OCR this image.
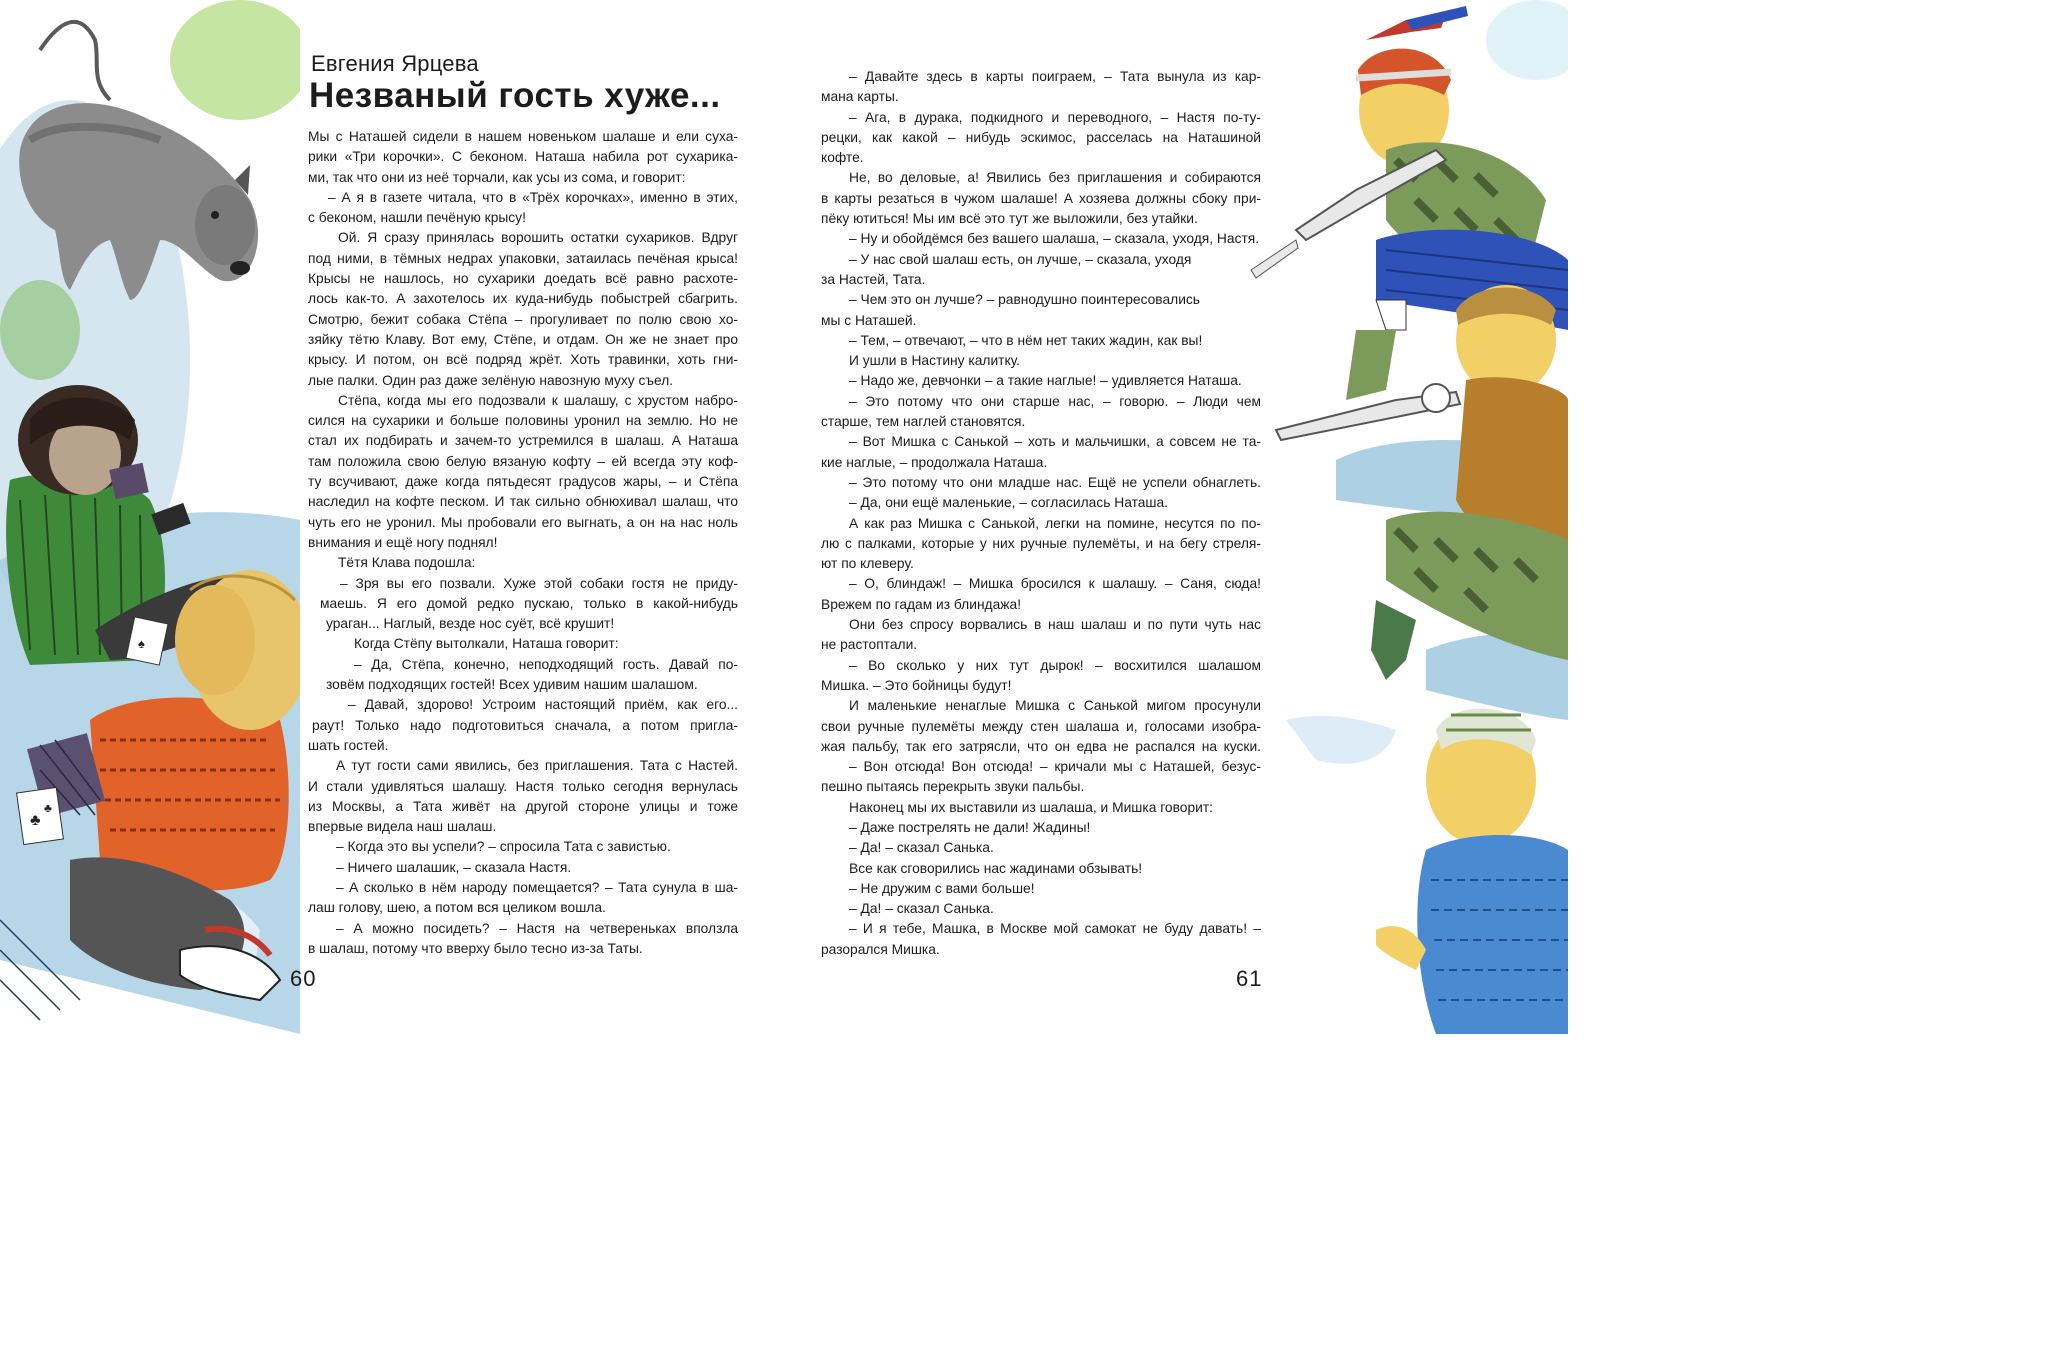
♣
♣
♠
Евгения Ярцева
Незваный гость хуже...
Мы с Наташей сидели в нашем новеньком шалаше и ели суха-
рики «Три корочки». С беконом. Наташа набила рот сухарика-
ми, так что они из неё торчали, как усы из сома, и говорит:
– А я в газете читала, что в «Трёх корочках», именно в этих,
с беконом, нашли печёную крысу!
Ой. Я сразу принялась ворошить остатки сухариков. Вдруг
под ними, в тёмных недрах упаковки, затаилась печёная крыса!
Крысы не нашлось, но сухарики доедать всё равно расхоте-
лось как-то. А захотелось их куда-нибудь побыстрей сбагрить.
Смотрю, бежит собака Стёпа – прогуливает по полю свою хо-
зяйку тётю Клаву. Вот ему, Стёпе, и отдам. Он же не знает про
крысу. И потом, он всё подряд жрёт. Хоть травинки, хоть гни-
лые палки. Один раз даже зелёную навозную муху съел.
Стёпа, когда мы его подозвали к шалашу, с хрустом набро-
сился на сухарики и больше половины уронил на землю. Но не
стал их подбирать и зачем-то устремился в шалаш. А Наташа
там положила свою белую вязаную кофту – ей всегда эту коф-
ту всучивают, даже когда пятьдесят градусов жары, – и Стёпа
наследил на кофте песком. И так сильно обнюхивал шалаш, что
чуть его не уронил. Мы пробовали его выгнать, а он на нас ноль
внимания и ещё ногу поднял!
Тётя Клава подошла:
– Зря вы его позвали. Хуже этой собаки гостя не приду-
маешь. Я его домой редко пускаю, только в какой-нибудь
ураган... Наглый, везде нос суёт, всё крушит!
Когда Стёпу вытолкали, Наташа говорит:
– Да, Стёпа, конечно, неподходящий гость. Давай по-
зовём подходящих гостей! Всех удивим нашим шалашом.
– Давай, здорово! Устроим настоящий приём, как его...
раут! Только надо подготовиться сначала, а потом пригла-
шать гостей.
А тут гости сами явились, без приглашения. Тата с Настей.
И стали удивляться шалашу. Настя только сегодня вернулась
из Москвы, а Тата живёт на другой стороне улицы и тоже
впервые видела наш шалаш.
– Когда это вы успели? – спросила Тата с завистью.
– Ничего шалашик, – сказала Настя.
– А сколько в нём народу помещается? – Тата сунула в ша-
лаш голову, шею, а потом вся целиком вошла.
– А можно посидеть? – Настя на четвереньках вползла
в шалаш, потому что вверху было тесно из-за Таты.
– Давайте здесь в карты поиграем, – Тата вынула из кар-
мана карты.
– Ага, в дурака, подкидного и переводного, – Настя по-ту-
рецки, как какой – нибудь эскимос, расселась на Наташиной
кофте.
Не, во деловые, а! Явились без приглашения и собираются
в карты резаться в чужом шалаше! А хозяева должны сбоку при-
пёку ютиться! Мы им всё это тут же выложили, без утайки.
– Ну и обойдёмся без вашего шалаша, – сказала, уходя, Настя.
– У нас свой шалаш есть, он лучше, – сказала, уходя
за Настей, Тата.
– Чем это он лучше? – равнодушно поинтересовались
мы с Наташей.
– Тем, – отвечают, – что в нём нет таких жадин, как вы!
И ушли в Настину калитку.
– Надо же, девчонки – а такие наглые! – удивляется Наташа.
– Это потому что они старше нас, – говорю. – Люди чем
старше, тем наглей становятся.
– Вот Мишка с Санькой – хоть и мальчишки, а совсем не та-
кие наглые, – продолжала Наташа.
– Это потому что они младше нас. Ещё не успели обнаглеть.
– Да, они ещё маленькие, – согласилась Наташа.
А как раз Мишка с Санькой, легки на помине, несутся по по-
лю с палками, которые у них ручные пулемёты, и на бегу стреля-
ют по клеверу.
– О, блиндаж! – Мишка бросился к шалашу. – Саня, сюда!
Врежем по гадам из блиндажа!
Они без спросу ворвались в наш шалаш и по пути чуть нас
не растоптали.
– Во сколько у них тут дырок! – восхитился шалашом
Мишка. – Это бойницы будут!
И маленькие ненаглые Мишка с Санькой мигом просунули
свои ручные пулемёты между стен шалаша и, голосами изобра-
жая пальбу, так его затрясли, что он едва не распался на куски.
– Вон отсюда! Вон отсюда! – кричали мы с Наташей, безус-
пешно пытаясь перекрыть звуки пальбы.
Наконец мы их выставили из шалаша, и Мишка говорит:
– Даже пострелять не дали! Жадины!
– Да! – сказал Санька.
Все как сговорились нас жадинами обзывать!
– Не дружим с вами больше!
– Да! – сказал Санька.
– И я тебе, Машка, в Москве мой самокат не буду давать! –
разорался Мишка.
60	61
